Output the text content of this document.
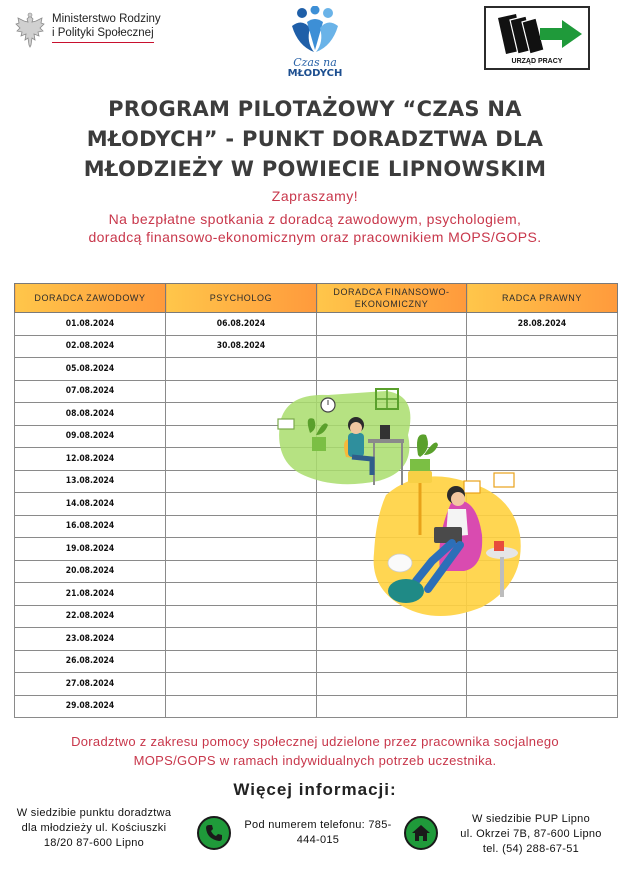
Ministerstwo Rodziny
i Polityki Społecznej
Czas na
MŁODYCH
URZĄD PRACY
PROGRAM PILOTAŻOWY “CZAS NA MŁODYCH” - PUNKT DORADZTWA DLA MŁODZIEŻY W POWIECIE LIPNOWSKIM
Zapraszamy!
Na bezpłatne spotkania z doradcą zawodowym, psychologiem, doradcą finansowo-ekonomicznym oraz pracownikiem MOPS/GOPS.
DORADCA ZAWODOWY	PSYCHOLOG	DORADCA FINANSOWO-EKONOMICZNY	RADCA PRAWNY
01.08.2024	06.08.2024		28.08.2024
02.08.2024	30.08.2024		
05.08.2024			
07.08.2024			
08.08.2024			
09.08.2024			
12.08.2024			
13.08.2024			
14.08.2024			
16.08.2024			
19.08.2024			
20.08.2024			
21.08.2024			
22.08.2024			
23.08.2024			
26.08.2024			
27.08.2024			
29.08.2024			
Doradztwo z zakresu pomocy społecznej udzielone przez pracownika socjalnego MOPS/GOPS w ramach indywidualnych potrzeb uczestnika.
Więcej informacji:
W siedzibie punktu doradztwa dla młodzieży ul. Kościuszki 18/20 87-600 Lipno
Pod numerem telefonu: 785-444-015
W siedzibie PUP Lipno
ul. Okrzei 7B, 87-600 Lipno
tel. (54) 288-67-51
